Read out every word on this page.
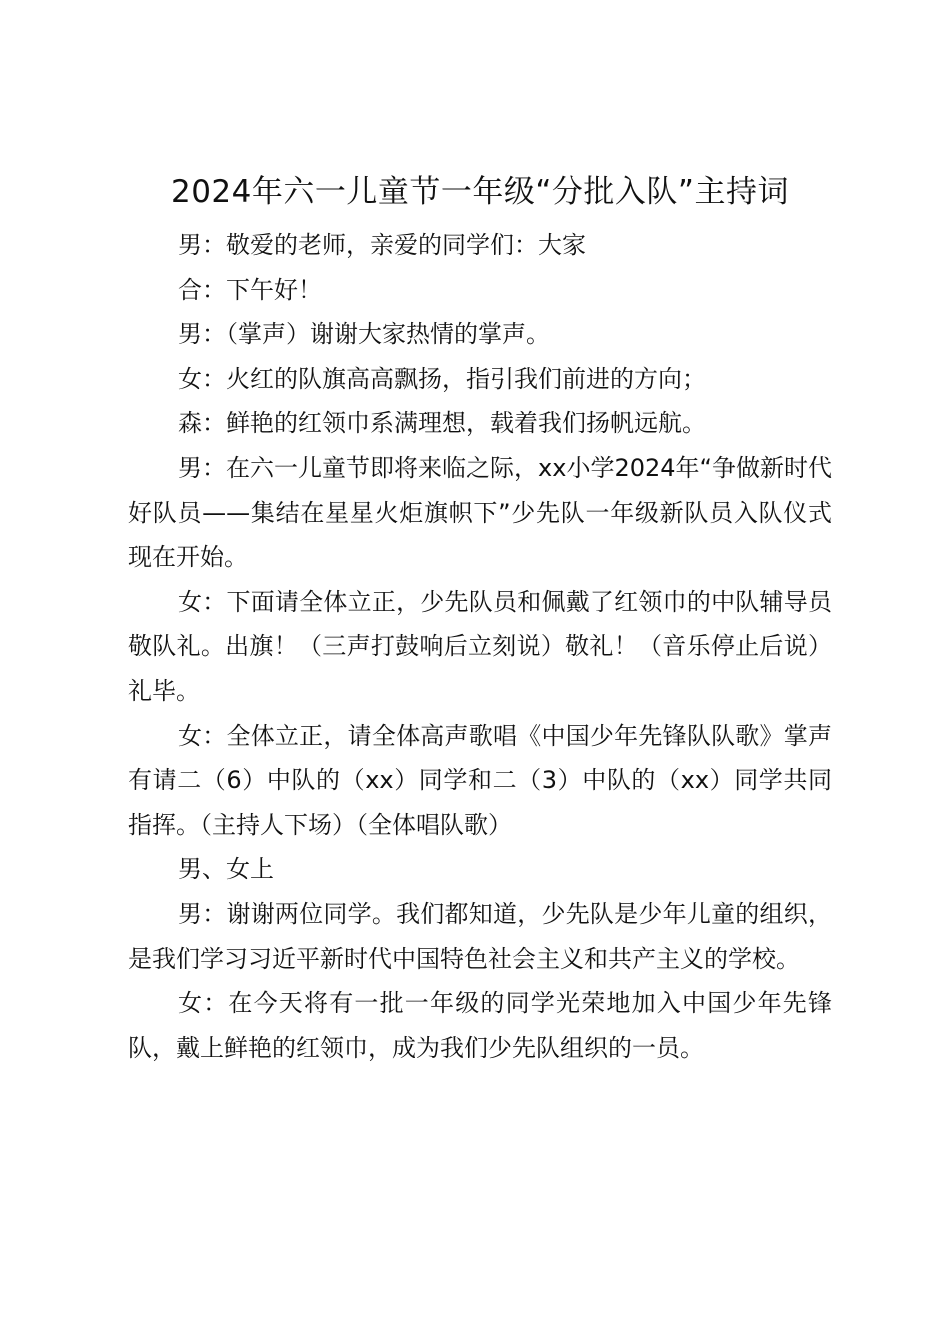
2024年六一儿童节一年级“分批入队”主持词

男：敬爱的老师，亲爱的同学们：大家

合：下午好！

男：（掌声）谢谢大家热情的掌声。

女：火红的队旗高高飘扬，指引我们前进的方向；

森：鲜艳的红领巾系满理想，载着我们扬帆远航。

男：在六一儿童节即将来临之际，xx小学2024年“争做新时代好队员——集结在星星火炬旗帜下”少先队一年级新队员入队仪式现在开始。

女：下面请全体立正，少先队员和佩戴了红领巾的中队辅导员敬队礼。出旗！（三声打鼓响后立刻说）敬礼！（音乐停止后说）礼毕。

女：全体立正，请全体高声歌唱《中国少年先锋队队歌》掌声有请二（6）中队的（xx）同学和二（3）中队的（xx）同学共同指挥。（主持人下场）（全体唱队歌）

男、女上

男：谢谢两位同学。我们都知道，少先队是少年儿童的组织，是我们学习习近平新时代中国特色社会主义和共产主义的学校。

女：在今天将有一批一年级的同学光荣地加入中国少年先锋队，戴上鲜艳的红领巾，成为我们少先队组织的一员。
